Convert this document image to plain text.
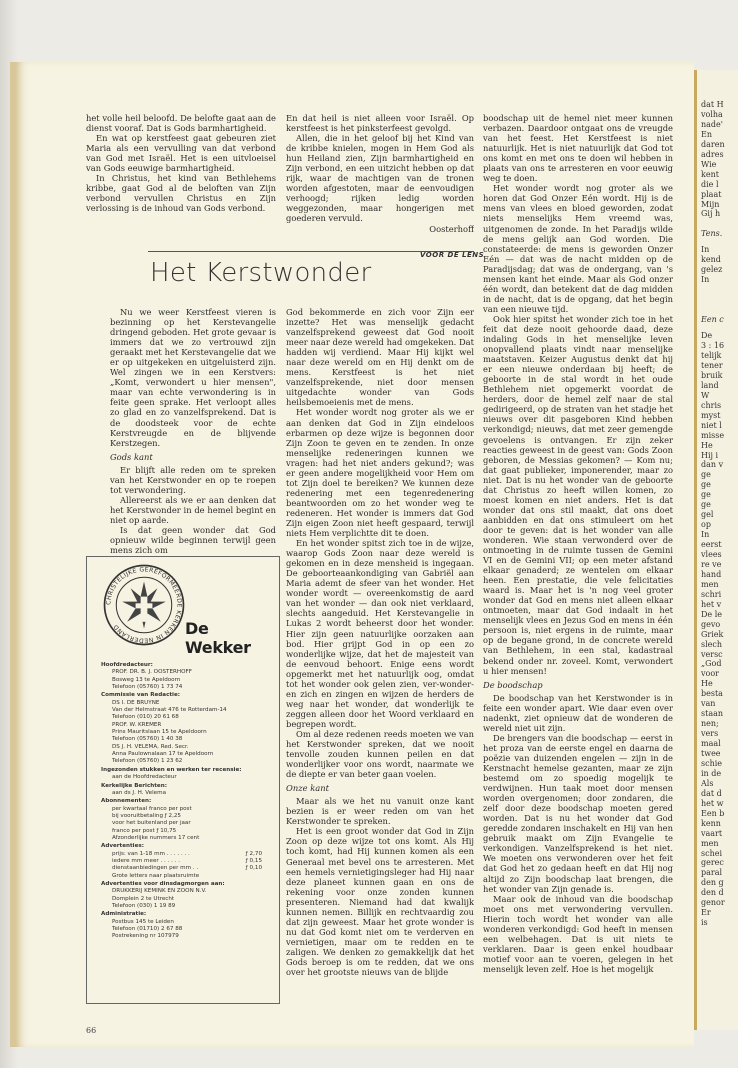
het volle heil beloofd. De belofte gaat aan de dienst vooraf. Dat is Gods barmhartigheid.

En wat op kerstfeest gaat gebeuren ziet Maria als een vervulling van dat verbond van God met Israël. Het is een uitvloeisel van Gods eeuwige barmhartigheid.

In Christus, het kind van Bethlehems kribbe, gaat God al de beloften van Zijn verbond vervullen Christus en Zijn verlossing is de inhoud van Gods verbond.

En dat heil is niet alleen voor Israël. Op kerstfeest is het pinksterfeest gevolgd.

Allen, die in het geloof bij het Kind van de kribbe knielen, mogen in Hem God als hun Heiland zien, Zijn barmhartigheid en Zijn verbond, en een uitzicht hebben op dat rijk, waar de machtigen van de tronen worden afgestoten, maar de eenvoudigen verhoogd; rijken ledig worden weggezonden, maar hongerigen met goederen vervuld.

Oosterhoff

VOOR DE LENS
Het Kerstwonder

Nu we weer Kerstfeest vieren is bezinning op het Kerstevangelie dringend geboden. Het grote gevaar is immers dat we zo vertrouwd zijn geraakt met het Kerstevangelie dat we er op uitgekeken en uitgeluisterd zijn. Wel zingen we in een Kerstvers: „Komt, verwondert u hier mensen", maar van echte verwondering is in feite geen sprake. Het verloopt alles zo glad en zo vanzelfsprekend. Dat is de doodsteek voor de echte Kerstvreugde en de blijvende Kerstzegen.

Gods kant

Er blijft alle reden om te spreken van het Kerstwonder en op te roepen tot verwondering.

Allereerst als we er aan denken dat het Kerstwonder in de hemel begint en niet op aarde.

Is dat geen wonder dat God opnieuw wilde beginnen terwijl geen mens zich om

God bekommerde en zich voor Zijn eer inzette? Het was menselijk gedacht vanzelfsprekend geweest dat God nooit meer naar deze wereld had omgekeken. Dat hadden wij verdiend. Maar Hij kijkt wel naar deze wereld om en Hij denkt om de mens. Kerstfeest is het niet vanzelfsprekende, niet door mensen uitgedachte wonder van Gods heilsbemoeienis met de mens.

Het wonder wordt nog groter als we er aan denken dat God in Zijn eindeloos erbarmen op deze wijze is begonnen door Zijn Zoon te geven en te zenden. In onze menselijke redeneringen kunnen we vragen: had het niet anders gekund?; was er geen andere mogelijkheid voor Hem om tot Zijn doel te bereiken? We kunnen deze redenering met een tegenredenering beantwoorden om zo het wonder weg te redeneren. Het wonder is immers dat God Zijn eigen Zoon niet heeft gespaard, terwijl niets Hem verplichtte dit te doen.

En het wonder spitst zich toe in de wijze, waarop Gods Zoon naar deze wereld is gekomen en in deze mensheid is ingegaan. De geboorteaankondiging van Gabriël aan Maria ademt de sfeer van het wonder. Het wonder wordt — overeenkomstig de aard van het wonder — dan ook niet verklaard, slechts aangeduid. Het Kerstevangelie in Lukas 2 wordt beheerst door het wonder. Hier zijn geen natuurlijke oorzaken aan bod. Hier grijpt God in op een zo wonderlijke wijze, dat het de majesteit van de eenvoud behoort. Enige eens wordt opgemerkt met het natuurlijk oog, omdat tot het wonder ook gelen zien, ver-wonder-en zich en zingen en wijzen de herders de weg naar het wonder, dat wonderlijk te zeggen alleen door het Woord verklaard en begrepen wordt.

Om al deze redenen reeds moeten we van het Kerstwonder spreken, dat we nooit tenvolle zouden kunnen peilen en dat wonderlijker voor ons wordt, naarmate we de diepte er van beter gaan voelen.

Onze kant

Maar als we het nu vanuit onze kant bezien is er weer reden om van het Kerstwonder te spreken.

Het is een groot wonder dat God in Zijn Zoon op deze wijze tot ons komt. Als Hij toch komt, had Hij kunnen komen als een Generaal met bevel ons te arresteren. Met een hemels vernietigingsleger had Hij naar deze planeet kunnen gaan en ons de rekening voor onze zonden kunnen presenteren. Niemand had dat kwalijk kunnen nemen. Billijk en rechtvaardig zou dat zijn geweest. Maar het grote wonder is nu dat God komt niet om te verderven en vernietigen, maar om te redden en te zaligen. We denken zo gemakkelijk dat het Gods beroep is om te redden, dat we ons over het grootste nieuws van de blijde

boodschap uit de hemel niet meer kunnen verbazen. Daardoor ontgaat ons de vreugde van het feest. Het Kerstfeest is niet natuurlijk. Het is niet natuurlijk dat God tot ons komt en met ons te doen wil hebben in plaats van ons te arresteren en voor eeuwig weg te doen.

Het wonder wordt nog groter als we horen dat God Onzer Eén wordt. Hij is de mens van vlees en bloed geworden, zodat niets menselijks Hem vreemd was, uitgenomen de zonde. In het Paradijs wilde de mens gelijk aan God worden. Die constateerde: de mens is geworden Onzer Eén — dat was de nacht midden op de Paradijsdag; dat was de ondergang, van 's mensen kant het einde. Maar als God onzer één wordt, dan betekent dat de dag midden in de nacht, dat is de opgang, dat het begin van een nieuwe tijd.

Ook hier spitst het wonder zich toe in het feit dat deze nooit gehoorde daad, deze indaling Gods in het menselijke leven onopvallend plaats vindt naar menselijke maatstaven. Keizer Augustus denkt dat hij er een nieuwe onderdaan bij heeft; de geboorte in de stal wordt in het oude Bethlehem niet opgemerkt voordat de herders, door de hemel zelf naar de stal gedirigeerd, op de straten van het stadje het nieuws over dit pasgeboren Kind hebben verkondigd; nieuws, dat met zeer gemengde gevoelens is ontvangen. Er zijn zeker reacties geweest in de geest van: Gods Zoon geboren, de Messias gekomen? — Kom nu; dat gaat publieker, imponerender, maar zo niet. Dat is nu het wonder van de geboorte dat Christus zo heeft willen komen, zo moest komen en niet anders. Het is dat wonder dat ons stil maakt, dat ons doet aanbidden en dat ons stimuleert om het door te geven: dat is het wonder van alle wonderen. Wie staan verwonderd over de ontmoeting in de ruimte tussen de Gemini VI en de Gemini VII; op een meter afstand elkaar genaderd; ze wentelen om elkaar heen. Een prestatie, die vele felicitaties waard is. Maar het is 'n nog veel groter wonder dat God en mens niet alleen elkaar ontmoeten, maar dat God indaalt in het menselijk vlees en Jezus God en mens in één persoon is, niet ergens in de ruimte, maar op de begane grond, in de concrete wereld van Bethlehem, in een stal, kadastraal bekend onder nr. zoveel. Komt, verwondert u hier mensen!

De boodschap

De boodschap van het Kerstwonder is in feite een wonder apart. Wie daar even over nadenkt, ziet opnieuw dat de wonderen de wereld niet uit zijn.

De brengers van die boodschap — eerst in het proza van de eerste engel en daarna de poëzie van duizenden engelen — zijn in de Kerstnacht hemelse gezanten, maar ze zijn bestemd om zo spoedig mogelijk te verdwijnen. Hun taak moet door mensen worden overgenomen; door zondaren, die zelf door deze boodschap moeten gered worden. Dat is nu het wonder dat God geredde zondaren inschakelt en Hij van hen gebruik maakt om Zijn Evangelie te verkondigen. Vanzelfsprekend is het niet. We moeten ons verwonderen over het feit dat God het zo gedaan heeft en dat Hij nog altijd zo Zijn boodschap laat brengen, die het wonder van Zijn genade is.

Maar ook de inhoud van die boodschap moet ons met verwondering vervullen. Hierin toch wordt het wonder van alle wonderen verkondigd: God heeft in mensen een welbehagen. Dat is uit niets te verklaren. Daar is geen enkel houdbaar motief voor aan te voeren, gelegen in het menselijk leven zelf. Hoe is het mogelijk

CHRISTELIJKE GEREFORMEERDE KERKEN IN NEDERLAND	De Wekker

Hoofdredacteur:

PROF. DR. B. J. OOSTERHOFF

Bosweg 13 te Apeldoorn

Telefoon (05760) 1 73 74

Commissie van Redactie:

DS I. DE BRUYNE

Van der Helmstraat 476 te Rotterdam-14

Telefoon (010) 20 61 68

PROF. W. KREMER

Prins Mauritslaan 15 te Apeldoorn

Telefoon (05760) 1 40 38

DS J. H. VELEMA, Red. Secr.

Anna Paulownalaan 17 te Apeldoorn

Telefoon (05760) 1 23 62

Ingezonden stukken en werken ter recensie:

aan de Hoofdredacteur

Kerkelijke Berichten:

aan ds J. H. Velema

Abonnementen:

per kwartaal franco per post

bij vooruitbetaling ƒ 2,25

voor het buitenland per jaar

franco per post ƒ 10,75

Afzonderlijke nummers 17 cent

Advertenties:

prijs: van 1-18 mm . . . . . . .	ƒ 2,70

iedere mm meer . . . . . .	ƒ 0,15

dienstaanbiedingen per mm . .	ƒ 0,10

Grote letters naar plaatsruimte

Advertenties voor dinsdagmorgen aan:

DRUKKERIJ KEMINK EN ZOON N.V.

Domplein 2 te Utrecht

Telefoon (030) 1 19 89

Administratie:

Postbus 145 te Leiden

Telefoon (01710) 2 67 88

Postrekening nr 107979

66
dat H
volha
nade'
En
daren
adres
Wie
kent
die l
plaat
Mijn
Gij h
Tens.
In
kend
gelez
In
Een c
De
3 : 16
telijk
tener
bruik
land
W
chris
myst
niet l
misse
He
Hij i
dan v
ge
ge
ge
ge
gel
op
In
eerst
vlees
re ve
hand
men
schri
het v
De le
gevo
Griek
slech
versc
„God
voor
He
besta
van
staan
nen;
vers
maal
twee
schie
in de
Als
dat d
het w
Een b
kenn
vaart
men
schei
gerec
paral
den g
den d
genor
Er
is
